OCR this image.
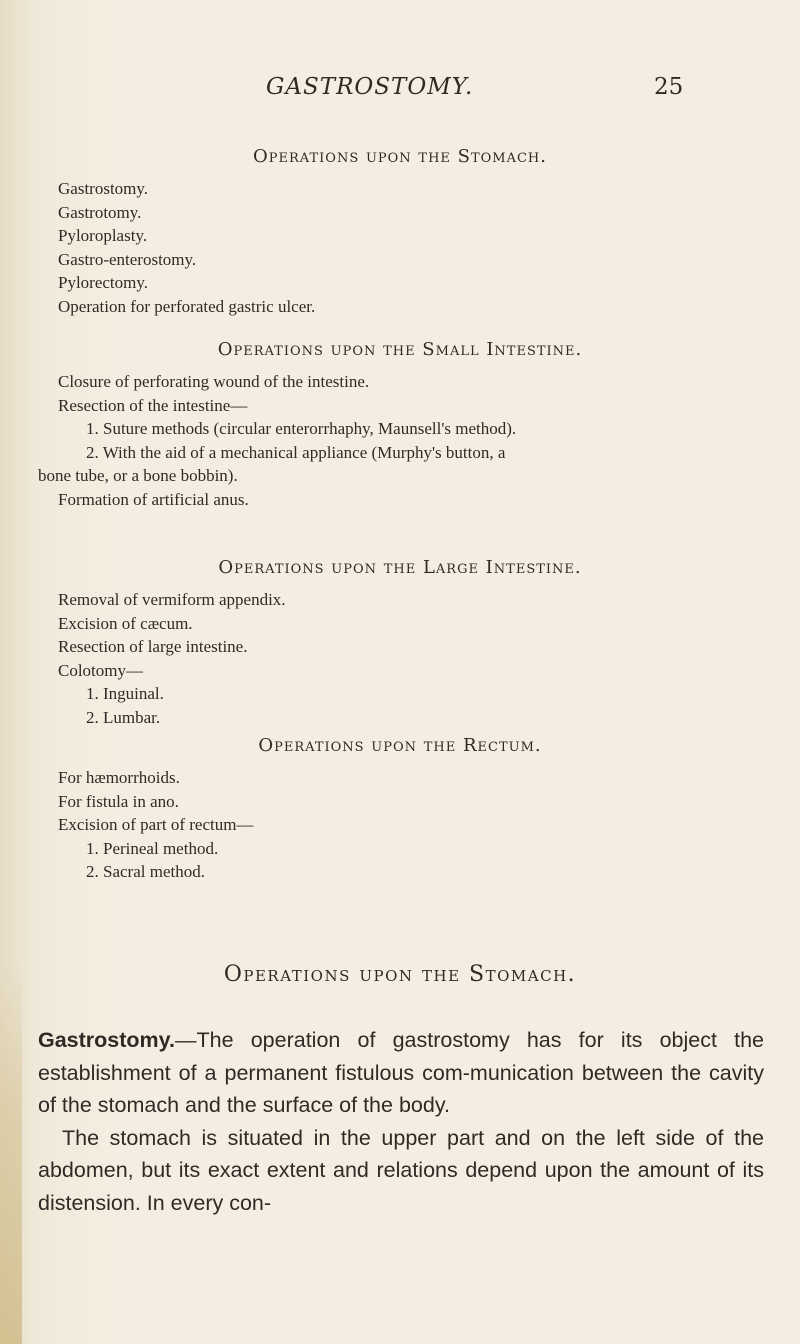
GASTROSTOMY.	25
Operations upon the Stomach.
Gastrostomy.
Gastrotomy.
Pyloroplasty.
Gastro-enterostomy.
Pylorectomy.
Operation for perforated gastric ulcer.
Operations upon the Small Intestine.
Closure of perforating wound of the intestine.
Resection of the intestine—
1. Suture methods (circular enterorrhaphy, Maunsell's method).
2. With the aid of a mechanical appliance (Murphy's button, a
bone tube, or a bone bobbin).
Formation of artificial anus.
Operations upon the Large Intestine.
Removal of vermiform appendix.
Excision of cæcum.
Resection of large intestine.
Colotomy—
1. Inguinal.
2. Lumbar.
Operations upon the Rectum.
For hæmorrhoids.
For fistula in ano.
Excision of part of rectum—
1. Perineal method.
2. Sacral method.
Operations upon the Stomach.

Gastrostomy.—The operation of gastrostomy has for its object the establishment of a permanent fistulous com-munication between the cavity of the stomach and the surface of the body.

The stomach is situated in the upper part and on the left side of the abdomen, but its exact extent and relations depend upon the amount of its distension. In every con-
